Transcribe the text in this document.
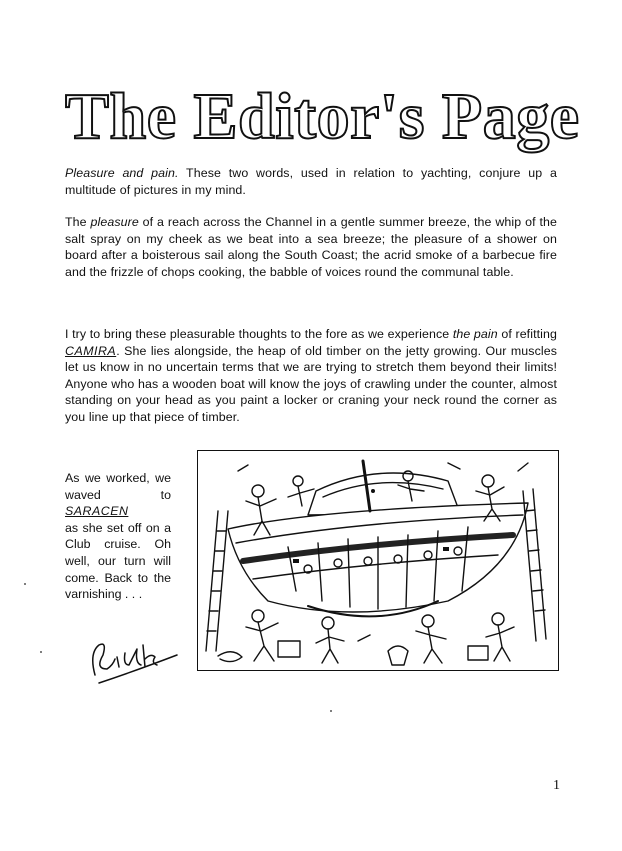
The Editor's Page

Pleasure and pain. These two words, used in relation to yachting, conjure up a multitude of pictures in my mind.

The pleasure of a reach across the Channel in a gentle summer breeze, the whip of the salt spray on my cheek as we beat into a sea breeze; the pleasure of a shower on board after a boisterous sail along the South Coast; the acrid smoke of a barbecue fire and the frizzle of chops cooking, the babble of voices round the communal table.

I try to bring these pleasurable thoughts to the fore as we experience the pain of refitting CAMIRA. She lies alongside, the heap of old timber on the jetty growing. Our muscles let us know in no uncertain terms that we are trying to stretch them beyond their limits! Anyone who has a wooden boat will know the joys of crawling under the counter, almost standing on your head as you paint a locker or craning your neck round the corner as you line up that piece of timber.

As we worked, we waved to SARACEN
as she set off on a Club cruise. Oh well, our turn will come. Back to the varnishing . . .

1
